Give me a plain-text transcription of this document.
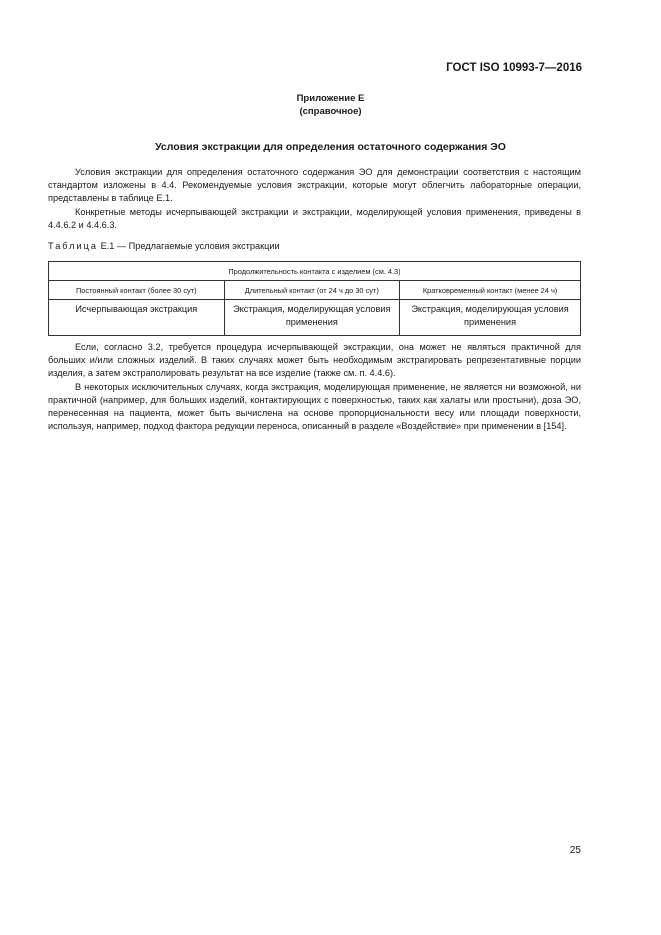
ГОСТ ISO 10993-7—2016
Приложение Е
(справочное)
Условия экстракции для определения остаточного содержания ЭО

Условия экстракции для определения остаточного содержания ЭО для демонстрации соответствия с настоящим стандартом изложены в 4.4. Рекомендуемые условия экстракции, которые могут облегчить лабораторные операции, представлены в таблице Е.1.

Конкретные методы исчерпывающей экстракции и экстракции, моделирующей условия применения, приведены в 4.4.6.2 и 4.4.6.3.

Таблица Е.1 — Предлагаемые условия экстракции
Продолжительность контакта с изделием (см. 4.3)		
Постоянный контакт (более 30 сут)	Длительный контакт (от 24 ч до 30 сут)	Кратковременный контакт (менее 24 ч)
Исчерпывающая экстракция	Экстракция, моделирующая условия применения	Экстракция, моделирующая условия применения

Если, согласно 3.2, требуется процедура исчерпывающей экстракции, она может не являться практичной для больших и/или сложных изделий. В таких случаях может быть необходимым экстрагировать репрезентативные порции изделия, а затем экстраполировать результат на все изделие (также см. п. 4.4.6).

В некоторых исключительных случаях, когда экстракция, моделирующая применение, не является ни возможной, ни практичной (например, для больших изделий, контактирующих с поверхностью, таких как халаты или простыни), доза ЭО, перенесенная на пациента, может быть вычислена на основе пропорциональности весу или площади поверхности, используя, например, подход фактора редукции переноса, описанный в разделе «Воздействие» при применении в [154].

25
